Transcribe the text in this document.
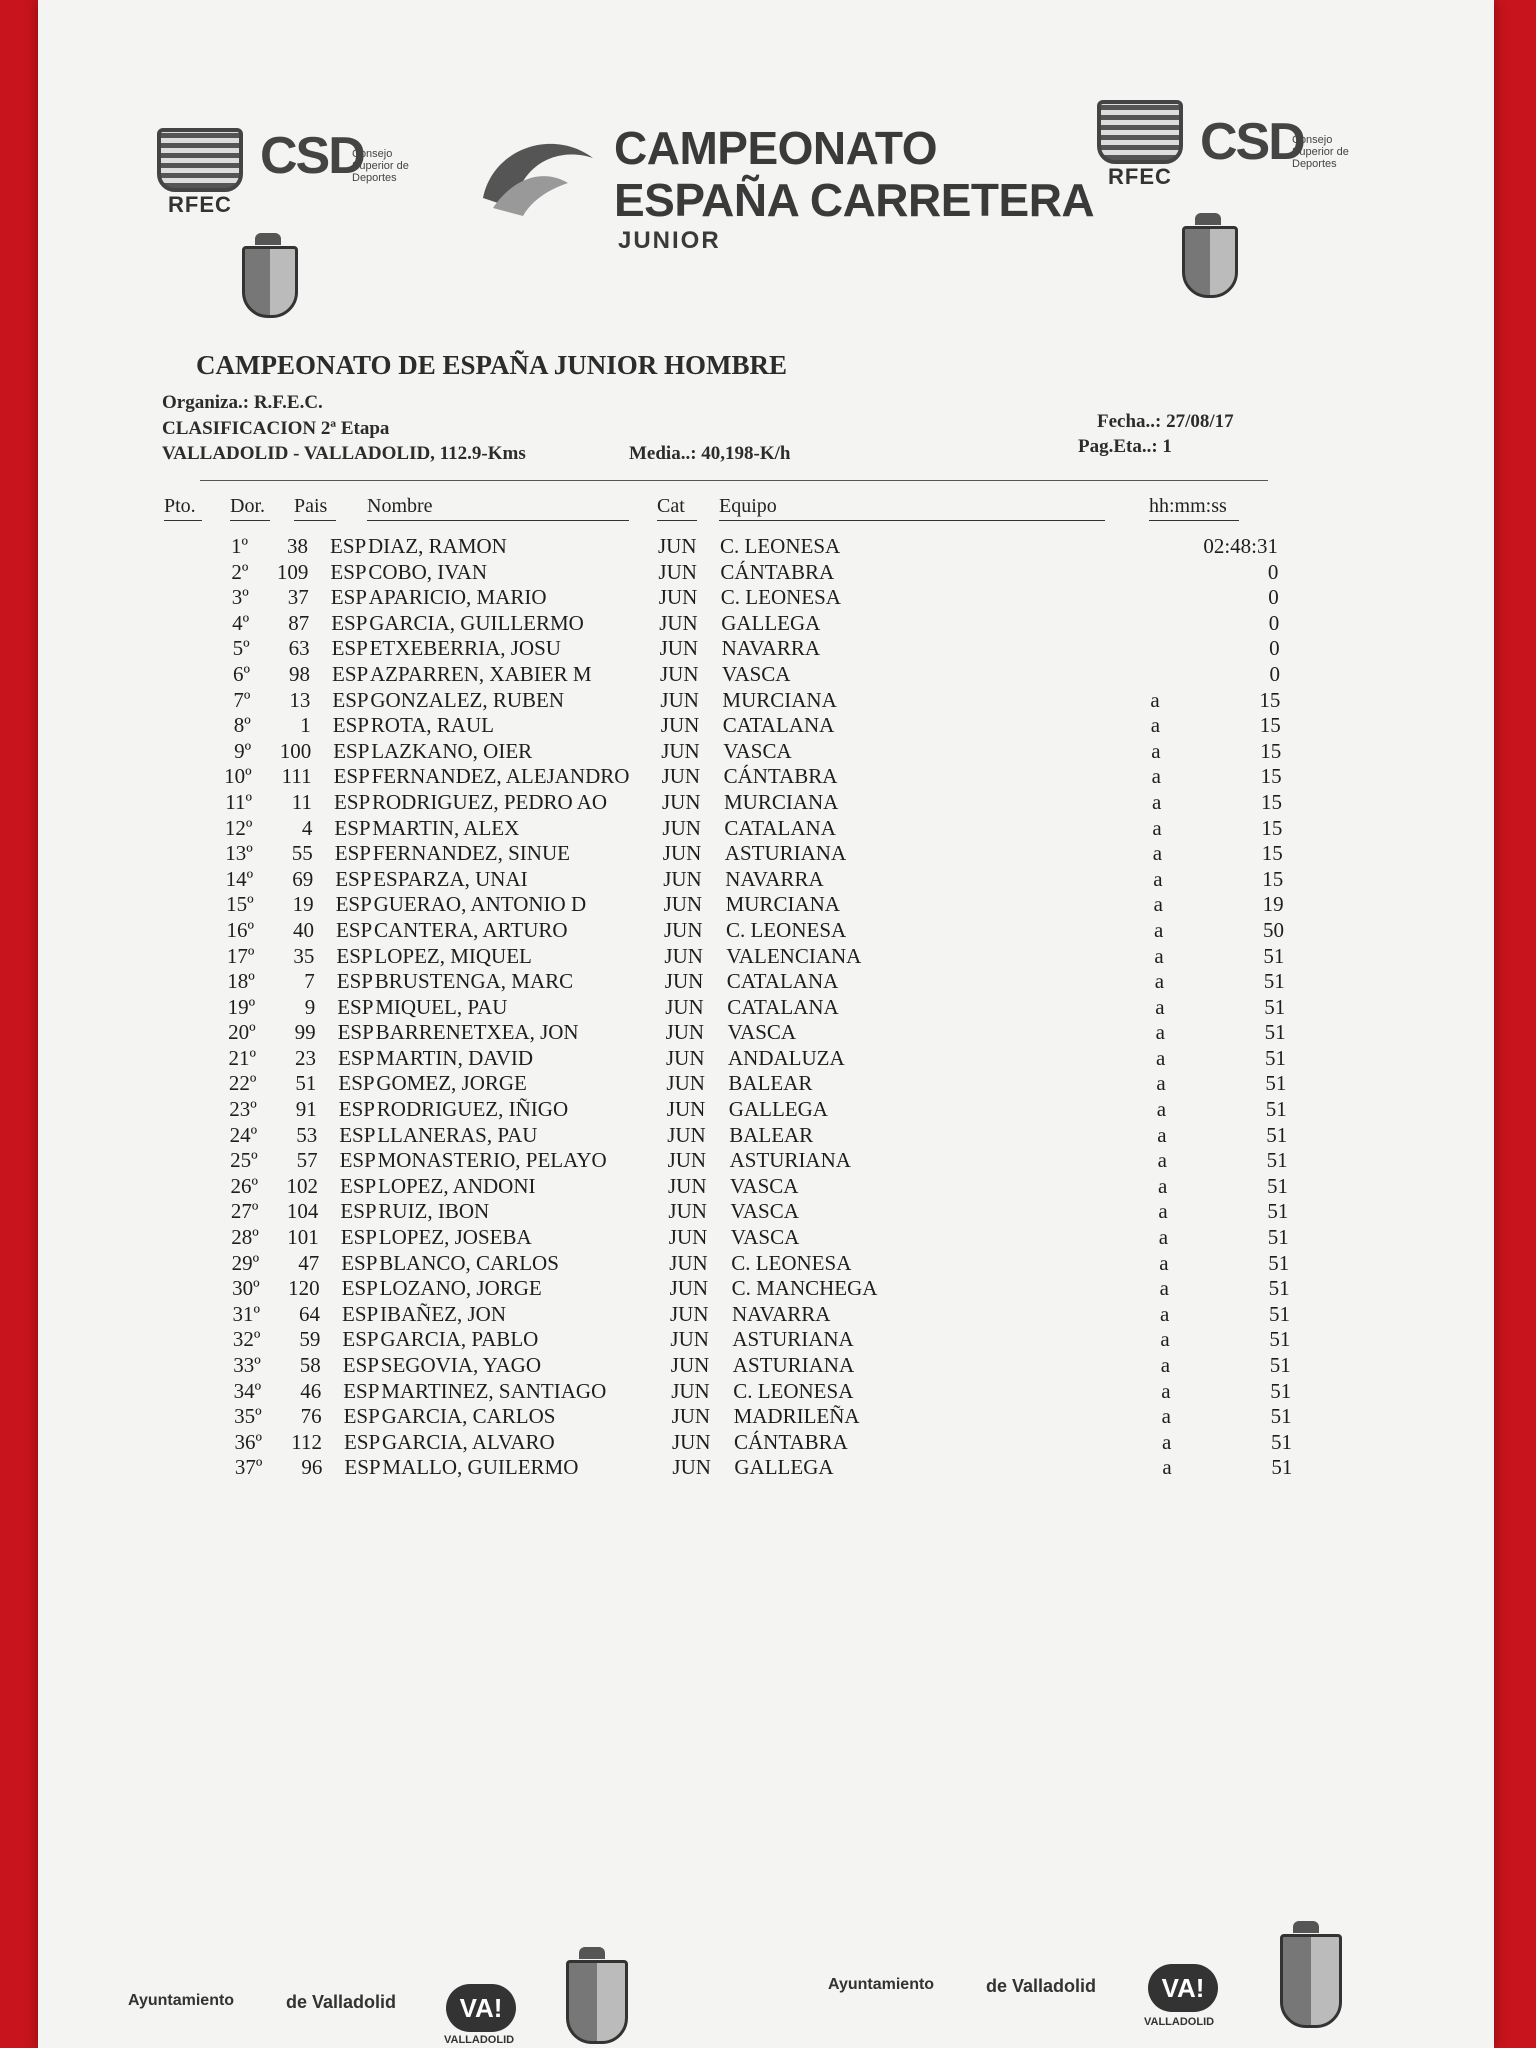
RFEC
CSD
Consejo Superior de Deportes
CAMPEONATO
ESPAÑA CARRETERA
JUNIOR
RFEC
CSD
Consejo Superior de Deportes
CAMPEONATO DE ESPAÑA JUNIOR HOMBRE
Organiza.: R.F.E.C.
CLASIFICACION 2ª Etapa
VALLADOLID - VALLADOLID, 112.9-Kms	Media..: 40,198-K/h
Fecha..: 27/08/17
Pag.Eta..: 1
Pto.	Dor. Pais	Nombre	Cat	Equipo	hh:mm:ss
1º	38 ESP DIAZ, RAMON	JUN C. LEONESA	02:48:31
2º	109 ESP COBO, IVAN	JUN CÁNTABRA	0
3º	37 ESP APARICIO, MARIO	JUN C. LEONESA	0
4º	87 ESP GARCIA, GUILLERMO	JUN GALLEGA	0
5º	63 ESP ETXEBERRIA, JOSU	JUN NAVARRA	0
6º	98 ESP AZPARREN, XABIER M	JUN VASCA	0
7º	13 ESP GONZALEZ, RUBEN	JUN MURCIANA	a	15
8º	1 ESP ROTA, RAUL	JUN CATALANA	a	15
9º	100 ESP LAZKANO, OIER	JUN VASCA	a	15
10º	111 ESP FERNANDEZ, ALEJANDRO JUN CÁNTABRA	a	15
11º	11 ESP RODRIGUEZ, PEDRO AO	JUN MURCIANA	a	15
12º	4 ESP MARTIN, ALEX	JUN CATALANA	a	15
13º	55 ESP FERNANDEZ, SINUE	JUN ASTURIANA	a	15
14º	69 ESP ESPARZA, UNAI	JUN NAVARRA	a	15
15º	19 ESP GUERAO, ANTONIO D	JUN MURCIANA	a	19
16º	40 ESP CANTERA, ARTURO	JUN C. LEONESA	a	50
17º	35 ESP LOPEZ, MIQUEL	JUN VALENCIANA	a	51
18º	7 ESP BRUSTENGA, MARC	JUN CATALANA	a	51
19º	9 ESP MIQUEL, PAU	JUN CATALANA	a	51
20º	99 ESP BARRENETXEA, JON	JUN VASCA	a	51
21º	23 ESP MARTIN, DAVID	JUN ANDALUZA	a	51
22º	51 ESP GOMEZ, JORGE	JUN BALEAR	a	51
23º	91 ESP RODRIGUEZ, IÑIGO	JUN GALLEGA	a	51
24º	53 ESP LLANERAS, PAU	JUN BALEAR	a	51
25º	57 ESP MONASTERIO, PELAYO	JUN ASTURIANA	a	51
26º	102 ESP LOPEZ, ANDONI	JUN VASCA	a	51
27º	104 ESP RUIZ, IBON	JUN VASCA	a	51
28º	101 ESP LOPEZ, JOSEBA	JUN VASCA	a	51
29º	47 ESP BLANCO, CARLOS	JUN C. LEONESA	a	51
30º	120 ESP LOZANO, JORGE	JUN C. MANCHEGA	a	51
31º	64 ESP IBAÑEZ, JON	JUN NAVARRA	a	51
32º	59 ESP GARCIA, PABLO	JUN ASTURIANA	a	51
33º	58 ESP SEGOVIA, YAGO	JUN ASTURIANA	a	51
34º	46 ESP MARTINEZ, SANTIAGO	JUN C. LEONESA	a	51
35º	76 ESP GARCIA, CARLOS	JUN MADRILEÑA	a	51
36º	112 ESP GARCIA, ALVARO	JUN CÁNTABRA	a	51
37º	96 ESP MALLO, GUILERMO	JUN GALLEGA	a	51
Ayuntamiento	de Valladolid	VA!
VALLADOLID
Ayuntamiento	de Valladolid	VA!
VALLADOLID
